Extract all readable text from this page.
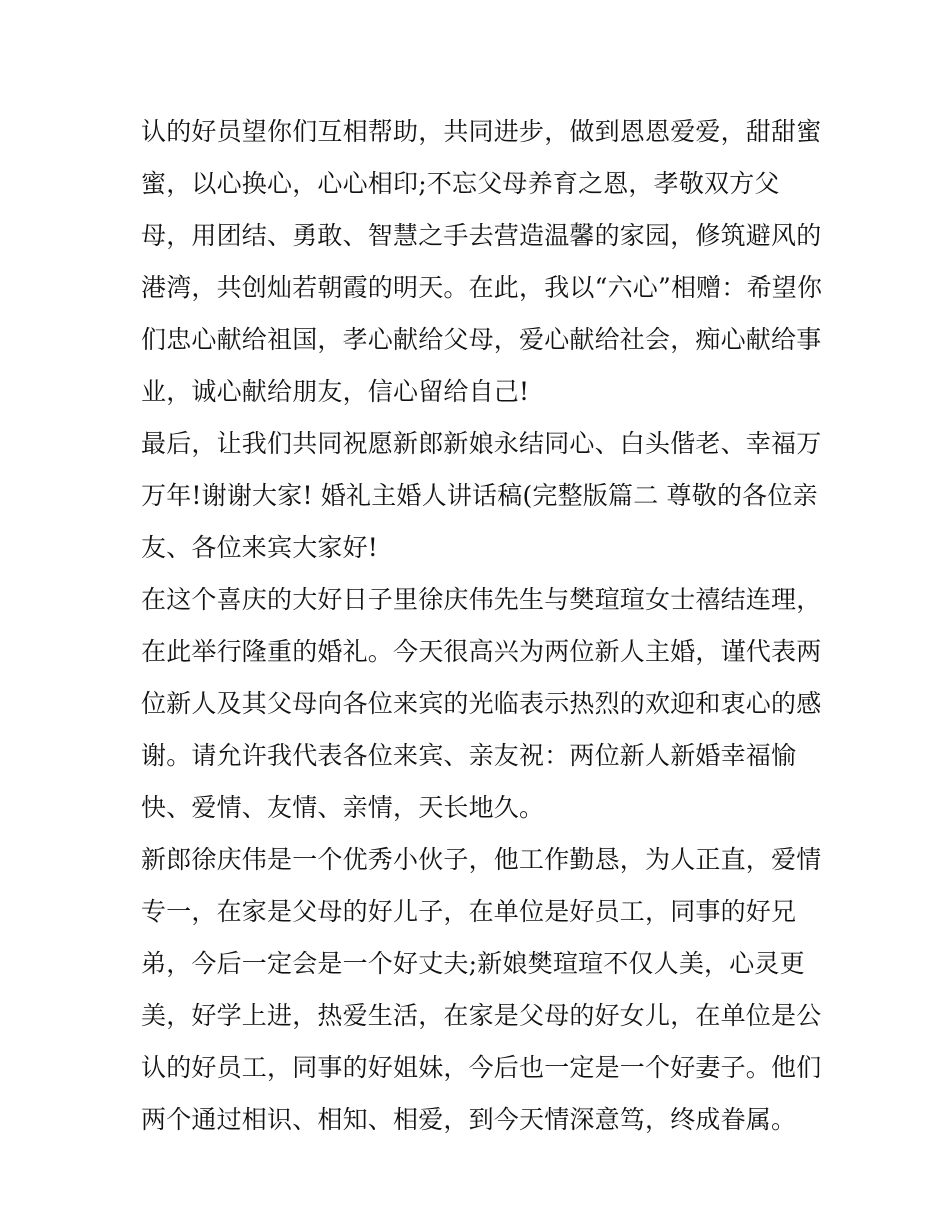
认的好员望你们互相帮助，共同进步，做到恩恩爱爱，甜甜蜜
蜜，以心换心，心心相印;不忘父母养育之恩，孝敬双方父
母，用团结、勇敢、智慧之手去营造温馨的家园，修筑避风的
港湾，共创灿若朝霞的明天。在此，我以“六心”相赠：希望你
们忠心献给祖国，孝心献给父母，爱心献给社会，痴心献给事
业，诚心献给朋友，信心留给自己!
最后，让我们共同祝愿新郎新娘永结同心、白头偕老、幸福万
万年!谢谢大家! 婚礼主婚人讲话稿(完整版篇二 尊敬的各位亲
友、各位来宾大家好!
在这个喜庆的大好日子里徐庆伟先生与樊瑄瑄女士禧结连理，
在此举行隆重的婚礼。今天很高兴为两位新人主婚，谨代表两
位新人及其父母向各位来宾的光临表示热烈的欢迎和衷心的感
谢。请允许我代表各位来宾、亲友祝：两位新人新婚幸福愉
快、爱情、友情、亲情，天长地久。
新郎徐庆伟是一个优秀小伙子，他工作勤恳，为人正直，爱情
专一，在家是父母的好儿子，在单位是好员工，同事的好兄
弟，今后一定会是一个好丈夫;新娘樊瑄瑄不仅人美，心灵更
美，好学上进，热爱生活，在家是父母的好女儿，在单位是公
认的好员工，同事的好姐妹，今后也一定是一个好妻子。他们
两个通过相识、相知、相爱，到今天情深意笃，终成眷属。
